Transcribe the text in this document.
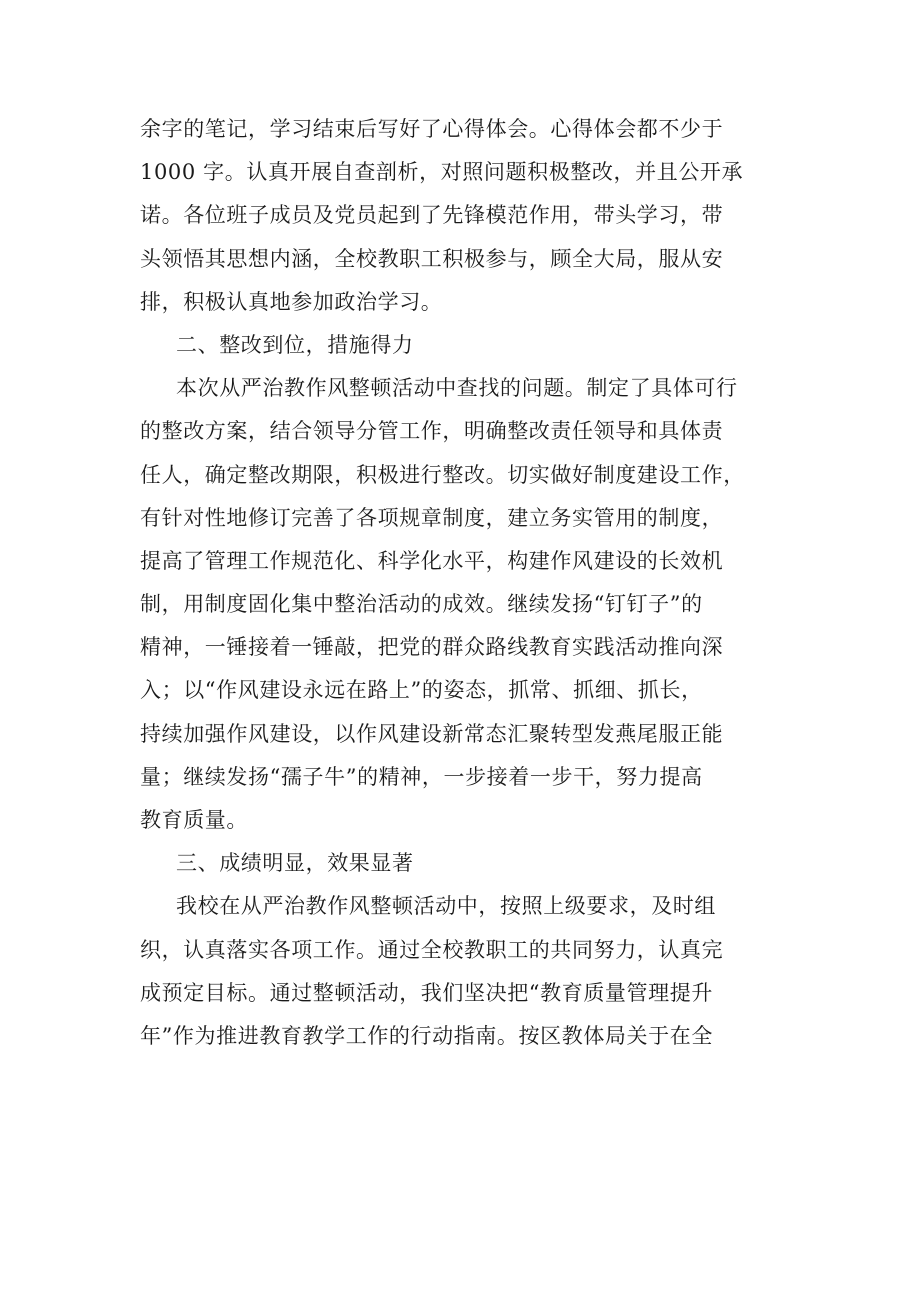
余字的笔记，学习结束后写好了心得体会。心得体会都不少于
1000 字。认真开展自查剖析，对照问题积极整改，并且公开承
诺。各位班子成员及党员起到了先锋模范作用，带头学习，带
头领悟其思想内涵，全校教职工积极参与，顾全大局，服从安
排，积极认真地参加政治学习。
二、整改到位，措施得力
本次从严治教作风整顿活动中查找的问题。制定了具体可行
的整改方案，结合领导分管工作，明确整改责任领导和具体责
任人，确定整改期限，积极进行整改。切实做好制度建设工作，
有针对性地修订完善了各项规章制度，建立务实管用的制度，
提高了管理工作规范化、科学化水平，构建作风建设的长效机
制，用制度固化集中整治活动的成效。继续发扬“钉钉子”的
精神，一锤接着一锤敲，把党的群众路线教育实践活动推向深
入；以“作风建设永远在路上”的姿态，抓常、抓细、抓长，
持续加强作风建设，以作风建设新常态汇聚转型发燕尾服正能
量；继续发扬“孺子牛”的精神，一步接着一步干，努力提高
教育质量。
三、成绩明显，效果显著
我校在从严治教作风整顿活动中，按照上级要求，及时组
织，认真落实各项工作。通过全校教职工的共同努力，认真完
成预定目标。通过整顿活动，我们坚决把“教育质量管理提升
年”作为推进教育教学工作的行动指南。按区教体局关于在全
